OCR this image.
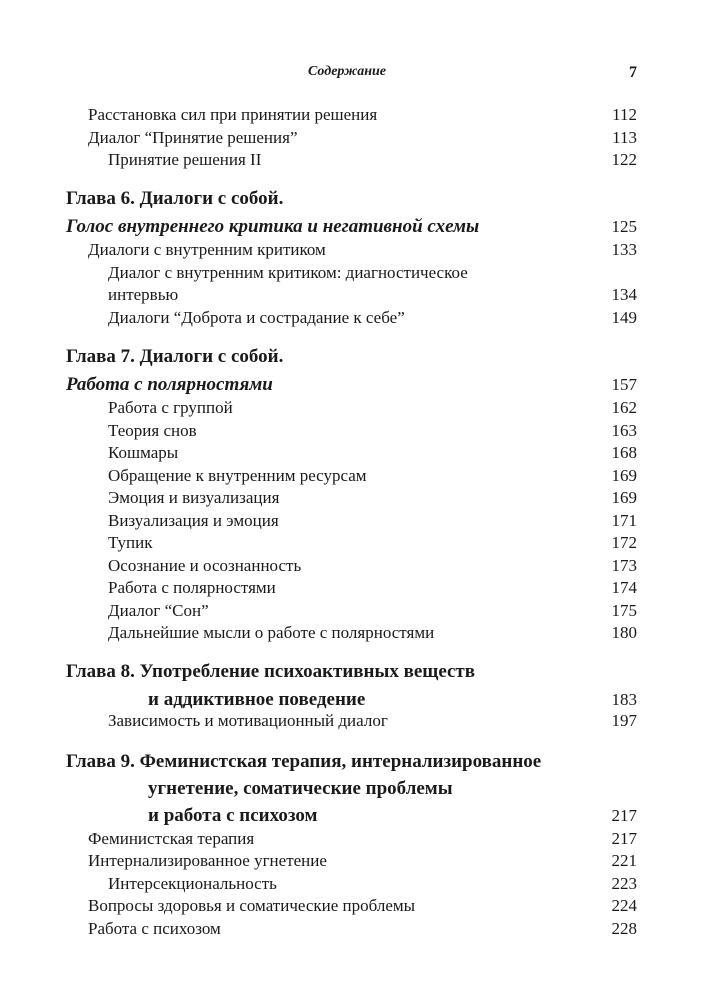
Содержание	7
Расстановка сил при принятии решения	112
Диалог “Принятие решения”	113
Принятие решения II	122
Глава 6. Диалоги с собой.
Голос внутреннего критика и негативной схемы	125
Диалоги с внутренним критиком	133
Диалог с внутренним критиком: диагностическое
интервью	134
Диалоги “Доброта и сострадание к себе”	149
Глава 7. Диалоги с собой.
Работа с полярностями	157
Работа с группой	162
Теория снов	163
Кошмары	168
Обращение к внутренним ресурсам	169
Эмоция и визуализация	169
Визуализация и эмоция	171
Тупик	172
Осознание и осознанность	173
Работа с полярностями	174
Диалог “Сон”	175
Дальнейшие мысли о работе с полярностями	180
Глава 8. Употребление психоактивных веществ
и аддиктивное поведение	183
Зависимость и мотивационный диалог	197
Глава 9. Феминистская терапия, интернализированное
угнетение, соматические проблемы
и работа с психозом	217
Феминистская терапия	217
Интернализированное угнетение	221
Интерсекциональность	223
Вопросы здоровья и соматические проблемы	224
Работа с психозом	228
